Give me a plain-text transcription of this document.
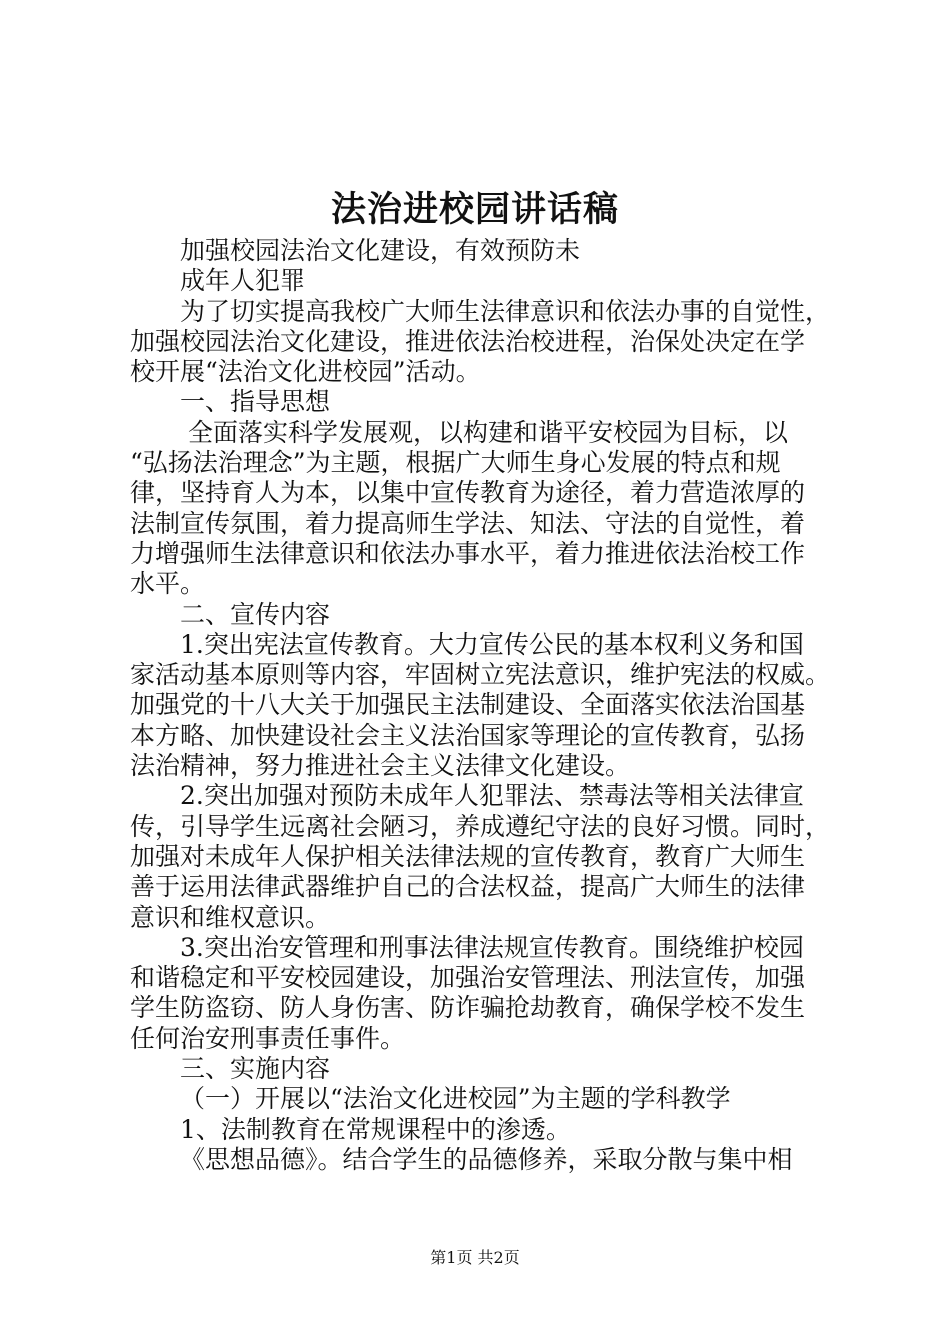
法治进校园讲话稿
加强校园法治文化建设，有效预防未
成年人犯罪
为了切实提高我校广大师生法律意识和依法办事的自觉性，
加强校园法治文化建设，推进依法治校进程，治保处决定在学
校开展“法治文化进校园”活动。
一、指导思想
全面落实科学发展观，以构建和谐平安校园为目标，以
“弘扬法治理念”为主题，根据广大师生身心发展的特点和规
律，坚持育人为本，以集中宣传教育为途径，着力营造浓厚的
法制宣传氛围，着力提高师生学法、知法、守法的自觉性，着
力增强师生法律意识和依法办事水平，着力推进依法治校工作
水平。
二、宣传内容
1.突出宪法宣传教育。大力宣传公民的基本权利义务和国
家活动基本原则等内容，牢固树立宪法意识，维护宪法的权威。
加强党的十八大关于加强民主法制建设、全面落实依法治国基
本方略、加快建设社会主义法治国家等理论的宣传教育，弘扬
法治精神，努力推进社会主义法律文化建设。
2.突出加强对预防未成年人犯罪法、禁毒法等相关法律宣
传，引导学生远离社会陋习，养成遵纪守法的良好习惯。同时，
加强对未成年人保护相关法律法规的宣传教育，教育广大师生
善于运用法律武器维护自己的合法权益，提高广大师生的法律
意识和维权意识。
3.突出治安管理和刑事法律法规宣传教育。围绕维护校园
和谐稳定和平安校园建设，加强治安管理法、刑法宣传，加强
学生防盗窃、防人身伤害、防诈骗抢劫教育，确保学校不发生
任何治安刑事责任事件。
三、实施内容
（一）开展以“法治文化进校园”为主题的学科教学
1、法制教育在常规课程中的渗透。
《思想品德》。结合学生的品德修养，采取分散与集中相
第1页 共2页
